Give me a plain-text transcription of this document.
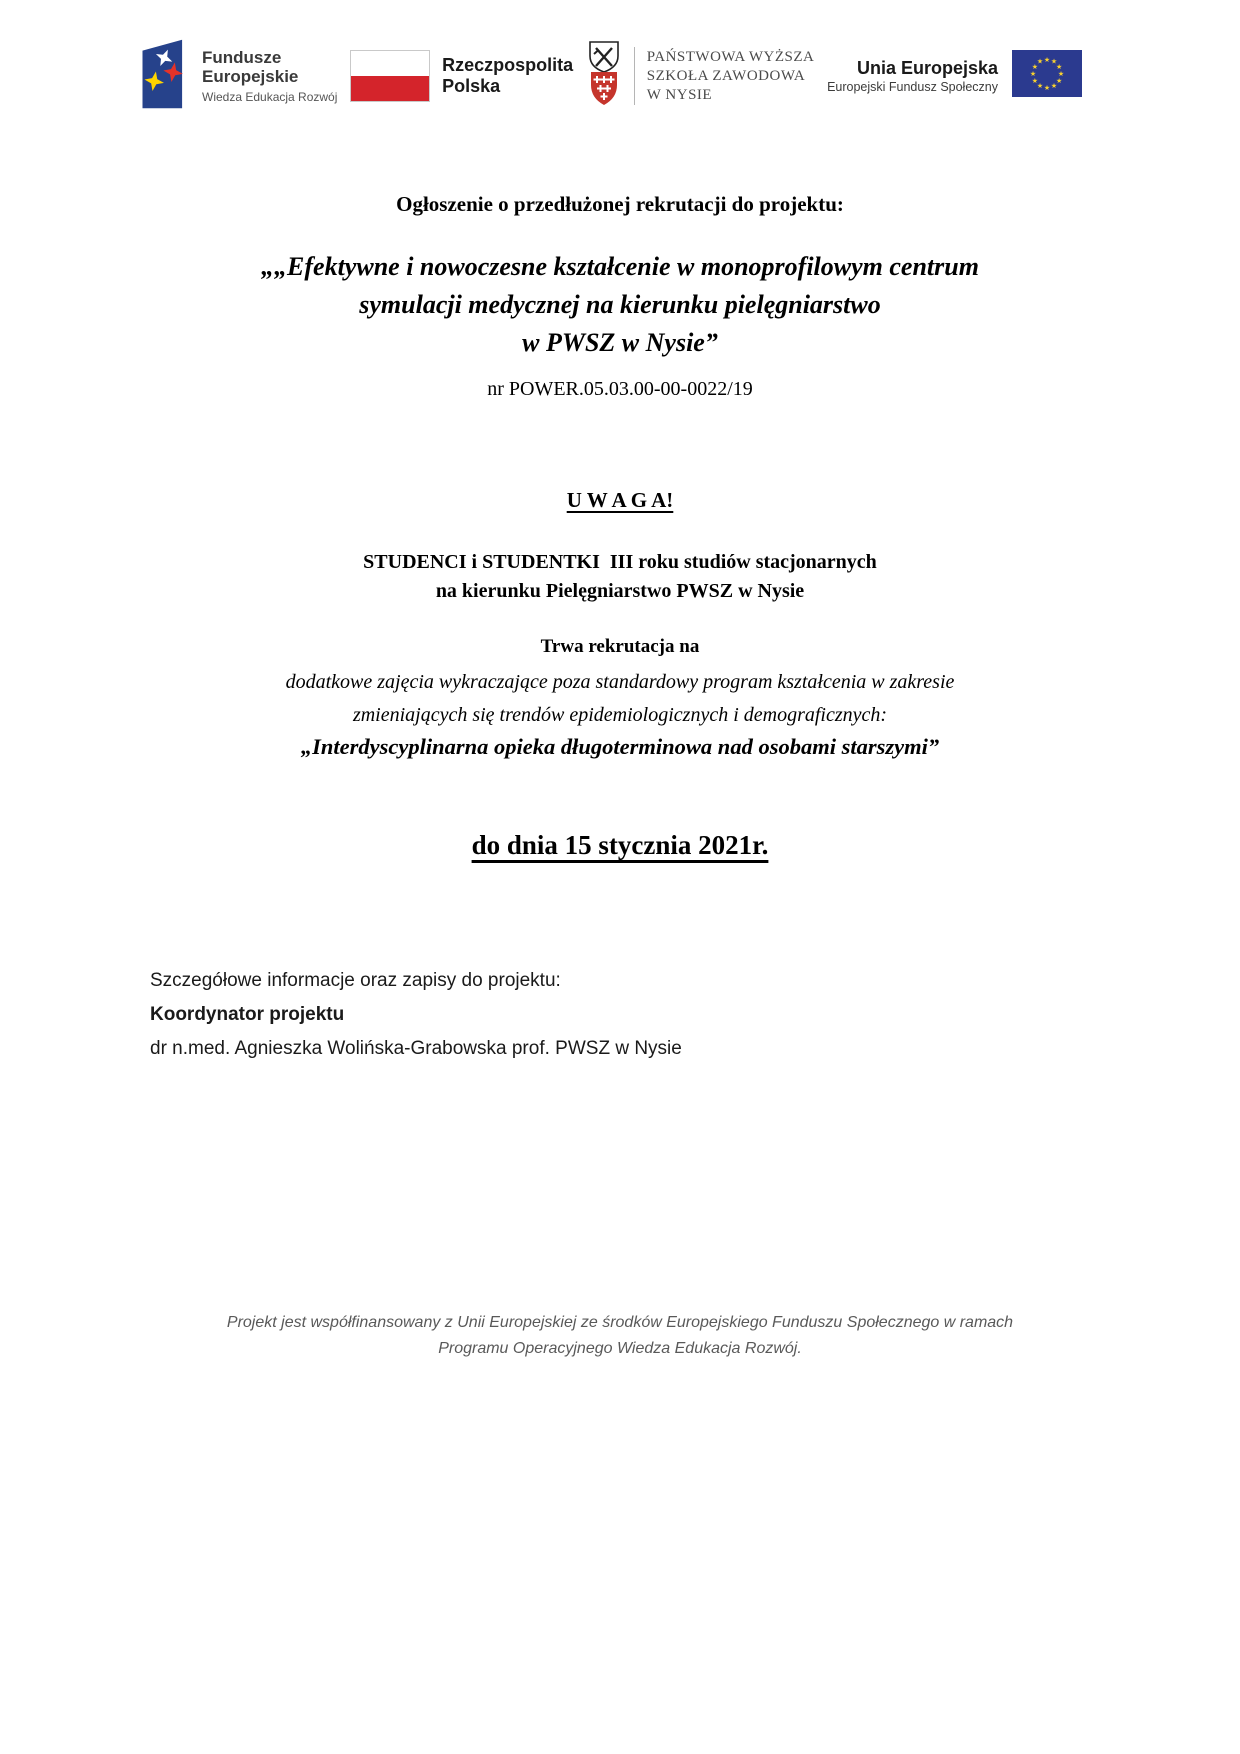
Fundusze
Europejskie
Wiedza Edukacja Rozwój
Rzeczpospolita
Polska
PAŃSTWOWA WYŻSZA
SZKOŁA ZAWODOWA
W NYSIE
Unia Europejska
Europejski Fundusz Społeczny
★ ★
★
★
★
★
★
★
★
★
★
★
Ogłoszenie o przedłużonej rekrutacji do projektu:
„„Efektywne i nowoczesne kształcenie w monoprofilowym centrum
symulacji medycznej na kierunku pielęgniarstwo
w PWSZ w Nysie”
nr POWER.05.03.00-00-0022/19
U W A G A!
STUDENCI i STUDENTKI  III roku studiów stacjonarnych
na kierunku Pielęgniarstwo PWSZ w Nysie
Trwa rekrutacja na
dodatkowe zajęcia wykraczające poza standardowy program kształcenia w zakresie
zmieniających się trendów epidemiologicznych i demograficznych:
„Interdyscyplinarna opieka długoterminowa nad osobami starszymi”
do dnia 15 stycznia 2021r.
Szczegółowe informacje oraz zapisy do projektu:
Koordynator projektu
dr n.med. Agnieszka Wolińska-Grabowska prof. PWSZ w Nysie
Projekt jest współfinansowany z Unii Europejskiej ze środków Europejskiego Funduszu Społecznego w ramach
Programu Operacyjnego Wiedza Edukacja Rozwój.
